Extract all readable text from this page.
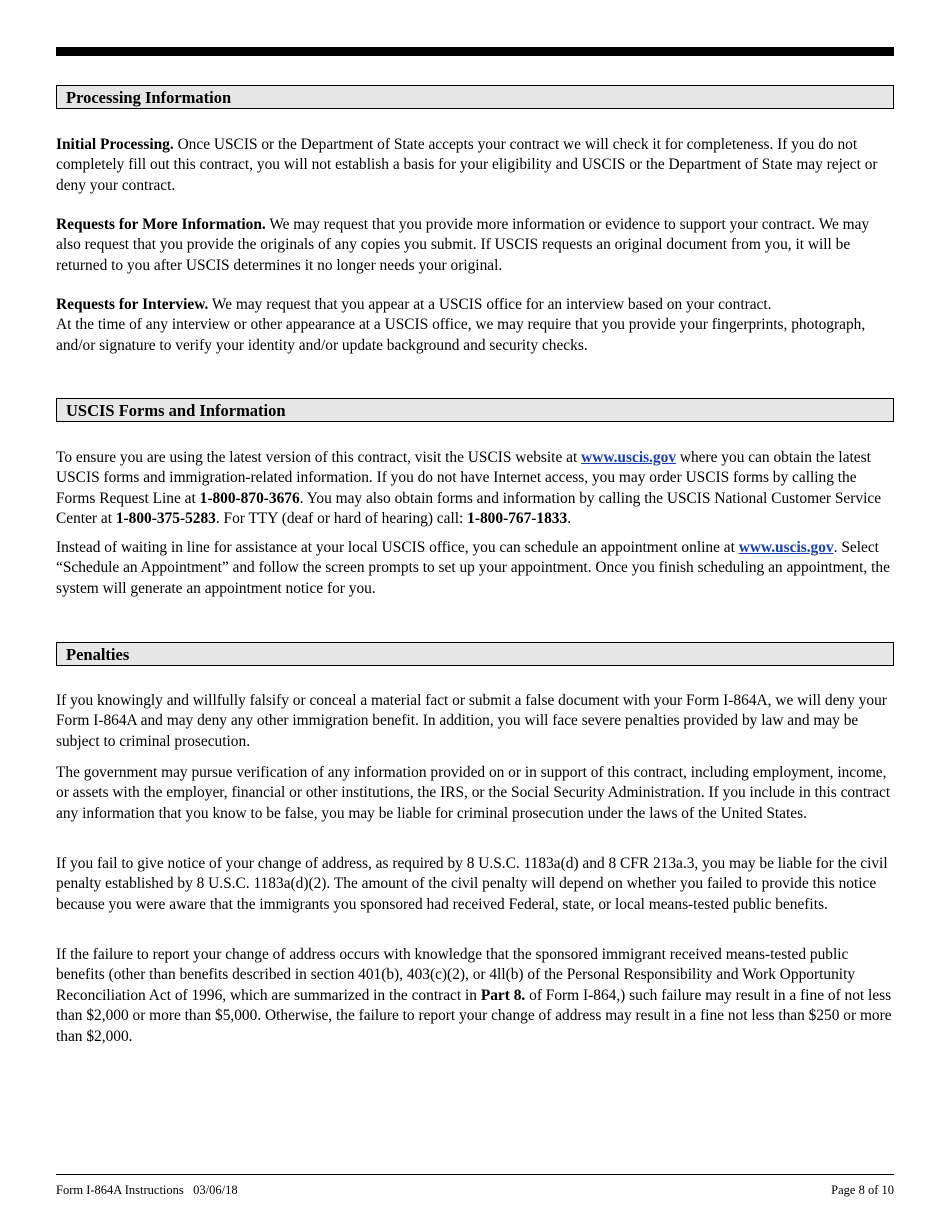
Processing Information

Initial Processing. Once USCIS or the Department of State accepts your contract we will check it for completeness. If you do not completely fill out this contract, you will not establish a basis for your eligibility and USCIS or the Department of State may reject or deny your contract.

Requests for More Information. We may request that you provide more information or evidence to support your contract. We may also request that you provide the originals of any copies you submit. If USCIS requests an original document from you, it will be returned to you after USCIS determines it no longer needs your original.

Requests for Interview. We may request that you appear at a USCIS office for an interview based on your contract.
At the time of any interview or other appearance at a USCIS office, we may require that you provide your fingerprints, photograph, and/or signature to verify your identity and/or update background and security checks.

USCIS Forms and Information

To ensure you are using the latest version of this contract, visit the USCIS website at www.uscis.gov where you can obtain the latest USCIS forms and immigration-related information. If you do not have Internet access, you may order USCIS forms by calling the Forms Request Line at 1-800-870-3676. You may also obtain forms and information by calling the USCIS National Customer Service Center at 1-800-375-5283. For TTY (deaf or hard of hearing) call: 1-800-767-1833.

Instead of waiting in line for assistance at your local USCIS office, you can schedule an appointment online at www.uscis.gov. Select “Schedule an Appointment” and follow the screen prompts to set up your appointment. Once you finish scheduling an appointment, the system will generate an appointment notice for you.

Penalties

If you knowingly and willfully falsify or conceal a material fact or submit a false document with your Form I-864A, we will deny your Form I-864A and may deny any other immigration benefit. In addition, you will face severe penalties provided by law and may be subject to criminal prosecution.

The government may pursue verification of any information provided on or in support of this contract, including employment, income, or assets with the employer, financial or other institutions, the IRS, or the Social Security Administration. If you include in this contract any information that you know to be false, you may be liable for criminal prosecution under the laws of the United States.

If you fail to give notice of your change of address, as required by 8 U.S.C. 1183a(d) and 8 CFR 213a.3, you may be liable for the civil penalty established by 8 U.S.C. 1183a(d)(2). The amount of the civil penalty will depend on whether you failed to provide this notice because you were aware that the immigrants you sponsored had received Federal, state, or local means-tested public benefits.

If the failure to report your change of address occurs with knowledge that the sponsored immigrant received means-tested public benefits (other than benefits described in section 401(b), 403(c)(2), or 4ll(b) of the Personal Responsibility and Work Opportunity Reconciliation Act of 1996, which are summarized in the contract in Part 8. of Form I-864,) such failure may result in a fine of not less than $2,000 or more than $5,000. Otherwise, the failure to report your change of address may result in a fine not less than $250 or more than $2,000.

Form I-864A Instructions   03/06/18	Page 8 of 10
